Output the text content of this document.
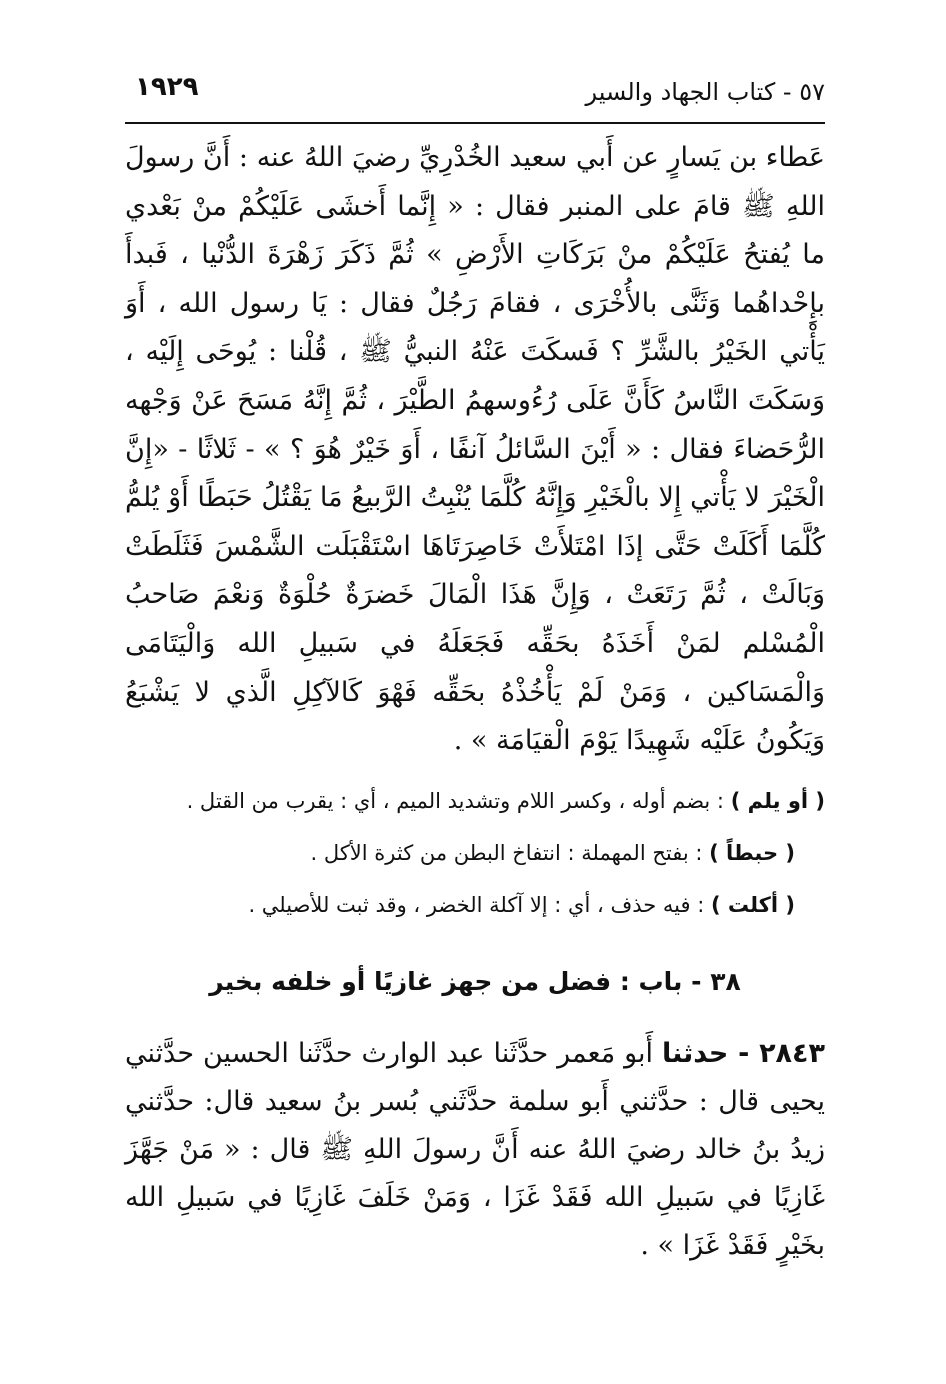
٥٧ - كتاب الجهاد والسير
١٩٢٩
عَطاء بن يَسارٍ عن أَبي سعيد الخُدْرِيِّ رضيَ اللهُ عنه : أَنَّ رسولَ اللهِ ﷺ قامَ على المنبر فقال : « إِنَّما أَخشَى عَلَيْكُمْ منْ بَعْدي ما يُفتحُ عَلَيْكُمْ منْ بَرَكَاتِ الأَرْضِ » ثُمَّ ذَكَرَ زَهْرَةَ الدُّنْيا ، فَبدأَ بإِحْداهُما وَثَنَّى بالأُخْرَى ، فقامَ رَجُلٌ فقال : يَا رسول الله ، أَوَ يَأْتي الخَيْرُ بالشَّرِّ ؟ فَسكَتَ عَنْهُ النبيُّ ﷺ ، قُلْنا : يُوحَى إِلَيْه ، وَسَكَتَ النَّاسُ كَأَنَّ عَلَى رُءُوسهمُ الطَّيْرَ ، ثُمَّ إِنَّهُ مَسَحَ عَنْ وَجْهه الرُّحَضاءَ فقال : « أَيْنَ السَّائلُ آنفًا ، أَوَ خَيْرٌ هُوَ ؟ » - ثَلاثًا - «إِنَّ الْخَيْرَ لا يَأْتي إِلا بالْخَيْرِ وَإِنَّهُ كُلَّمَا يُنْبِتُ الرَّبيعُ مَا يَقْتُلُ حَبَطًا أَوْ يُلمُّ كُلَّمَا أَكَلَتْ حَتَّى إذَا امْتَلأَتْ خَاصِرَتَاهَا اسْتَقْبَلَت الشَّمْسَ فَثَلَطَتْ وَبَالَتْ ، ثُمَّ رَتَعَتْ ، وَإِنَّ هَذَا الْمَالَ خَضرَةٌ حُلْوَةٌ وَنعْمَ صَاحبُ الْمُسْلم لمَنْ أَخَذَهُ بحَقِّه فَجَعَلَهُ في سَبيلِ الله وَالْيَتَامَى وَالْمَسَاكين ، وَمَنْ لَمْ يَأْخُذْهُ بحَقِّه فَهْوَ كَالآكِلِ الَّذي لا يَشْبَعُ وَيَكُونُ عَلَيْه شَهِيدًا يَوْمَ الْقيَامَة » .

( أو يلم ) : بضم أوله ، وكسر اللام وتشديد الميم ، أي : يقرب من القتل .

( حبطاً ) : بفتح المهملة : انتفاخ البطن من كثرة الأكل .

( أكلت ) : فيه حذف ، أي : إلا آكلة الخضر ، وقد ثبت للأصيلي .

٣٨ - باب : فضل من جهز غازيًا أو خلفه بخير
٢٨٤٣ - حدثنا أَبو مَعمر حدَّثَنا عبد الوارث حدَّثَنا الحسين حدَّثني يحيى قال : حدَّثني أَبو سلمة حدَّثَني بُسر بنُ سعيد قال: حدَّثني زيدُ بنُ خالد رضيَ اللهُ عنه أَنَّ رسولَ اللهِ ﷺ قال : « مَنْ جَهَّزَ غَازِيًا في سَبيلِ الله فَقَدْ غَزَا ، وَمَنْ خَلَفَ غَازِيًا في سَبيلِ الله بخَيْرٍ فَقَدْ غَزَا » .
